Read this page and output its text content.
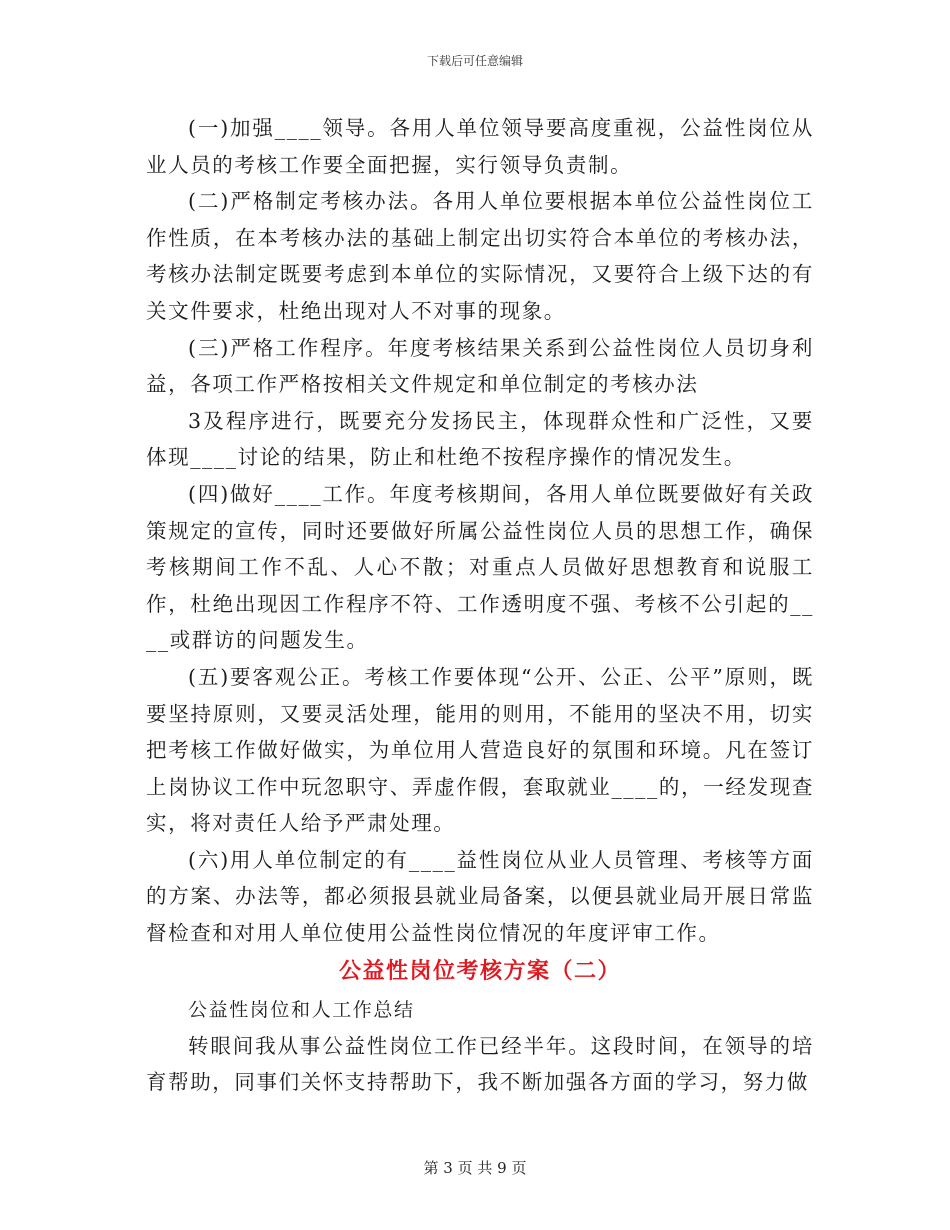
下载后可任意编辑

(一)加强____领导。各用人单位领导要高度重视，公益性岗位从业人员的考核工作要全面把握，实行领导负责制。

(二)严格制定考核办法。各用人单位要根据本单位公益性岗位工作性质，在本考核办法的基础上制定出切实符合本单位的考核办法，考核办法制定既要考虑到本单位的实际情况，又要符合上级下达的有关文件要求，杜绝出现对人不对事的现象。

(三)严格工作程序。年度考核结果关系到公益性岗位人员切身利益，各项工作严格按相关文件规定和单位制定的考核办法

3及程序进行，既要充分发扬民主，体现群众性和广泛性，又要体现____讨论的结果，防止和杜绝不按程序操作的情况发生。

(四)做好____工作。年度考核期间，各用人单位既要做好有关政策规定的宣传，同时还要做好所属公益性岗位人员的思想工作，确保考核期间工作不乱、人心不散；对重点人员做好思想教育和说服工作，杜绝出现因工作程序不符、工作透明度不强、考核不公引起的____或群访的问题发生。

(五)要客观公正。考核工作要体现“公开、公正、公平”原则，既要坚持原则，又要灵活处理，能用的则用，不能用的坚决不用，切实把考核工作做好做实，为单位用人营造良好的氛围和环境。凡在签订上岗协议工作中玩忽职守、弄虚作假，套取就业____的，一经发现查实，将对责任人给予严肃处理。

(六)用人单位制定的有____益性岗位从业人员管理、考核等方面的方案、办法等，都必须报县就业局备案，以便县就业局开展日常监督检查和对用人单位使用公益性岗位情况的年度评审工作。

公益性岗位考核方案（二）

公益性岗位和人工作总结

转眼间我从事公益性岗位工作已经半年。这段时间，在领导的培育帮助，同事们关怀支持帮助下，我不断加强各方面的学习，努力做

第 3 页 共 9 页
